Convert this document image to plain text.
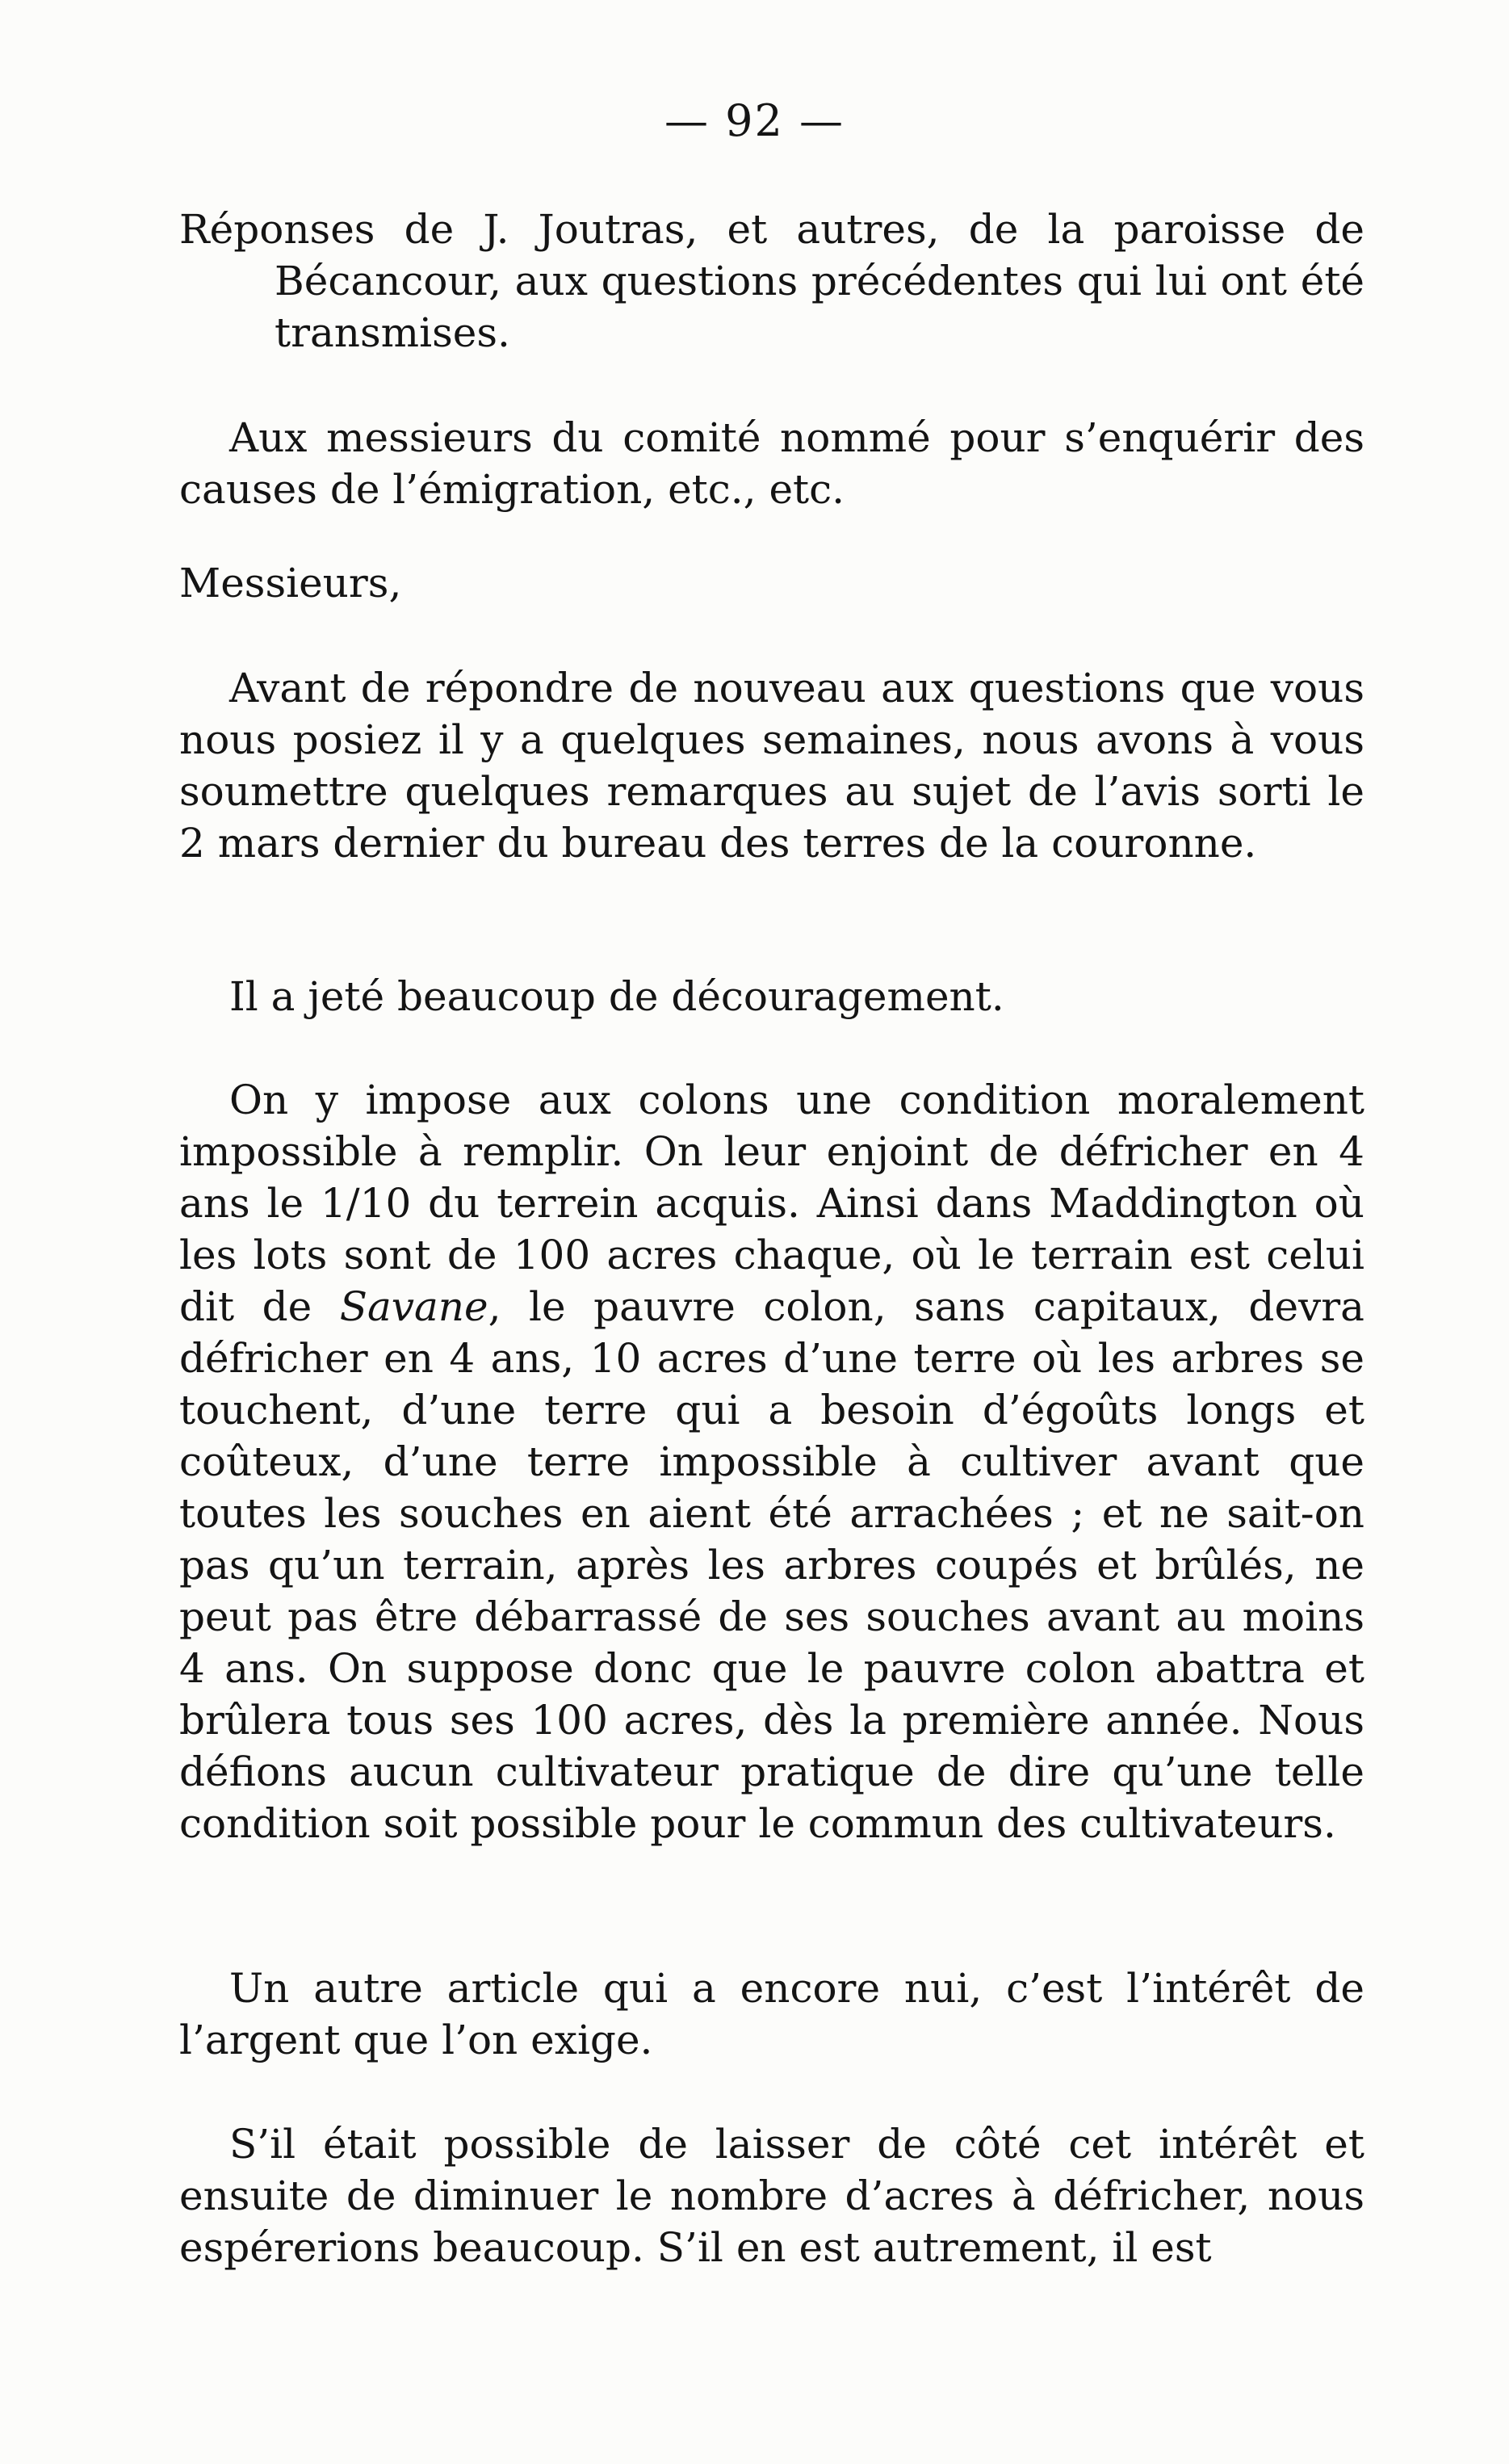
— 92 —

Réponses de J. Joutras, et autres, de la paroisse de Bécancour, aux questions précédentes qui lui ont été transmises.

Aux messieurs du comité nommé pour s’enquérir des causes de l’émigration, etc., etc.

Messieurs,

Avant de répondre de nouveau aux questions que vous nous posiez il y a quelques semaines, nous avons à vous soumettre quelques remarques au sujet de l’avis sorti le 2 mars dernier du bureau des terres de la couronne.

Il a jeté beaucoup de découragement.

On y impose aux colons une condition moralement impossible à remplir. On leur enjoint de défricher en 4 ans le 1/10 du terrein acquis. Ainsi dans Maddington où les lots sont de 100 acres chaque, où le terrain est celui dit de Savane, le pauvre colon, sans capitaux, devra défricher en 4 ans, 10 acres d’une terre où les arbres se touchent, d’une terre qui a besoin d’égoûts longs et coûteux, d’une terre impossible à cultiver avant que toutes les souches en aient été arrachées ; et ne sait-on pas qu’un terrain, après les arbres coupés et brûlés, ne peut pas être débarrassé de ses souches avant au moins 4 ans. On suppose donc que le pauvre colon abattra et brûlera tous ses 100 acres, dès la première année. Nous défions aucun cultivateur pratique de dire qu’une telle condition soit possible pour le commun des cultivateurs.

Un autre article qui a encore nui, c’est l’intérêt de l’argent que l’on exige.

S’il était possible de laisser de côté cet intérêt et ensuite de diminuer le nombre d’acres à défricher, nous espérerions beaucoup. S’il en est autrement, il est
